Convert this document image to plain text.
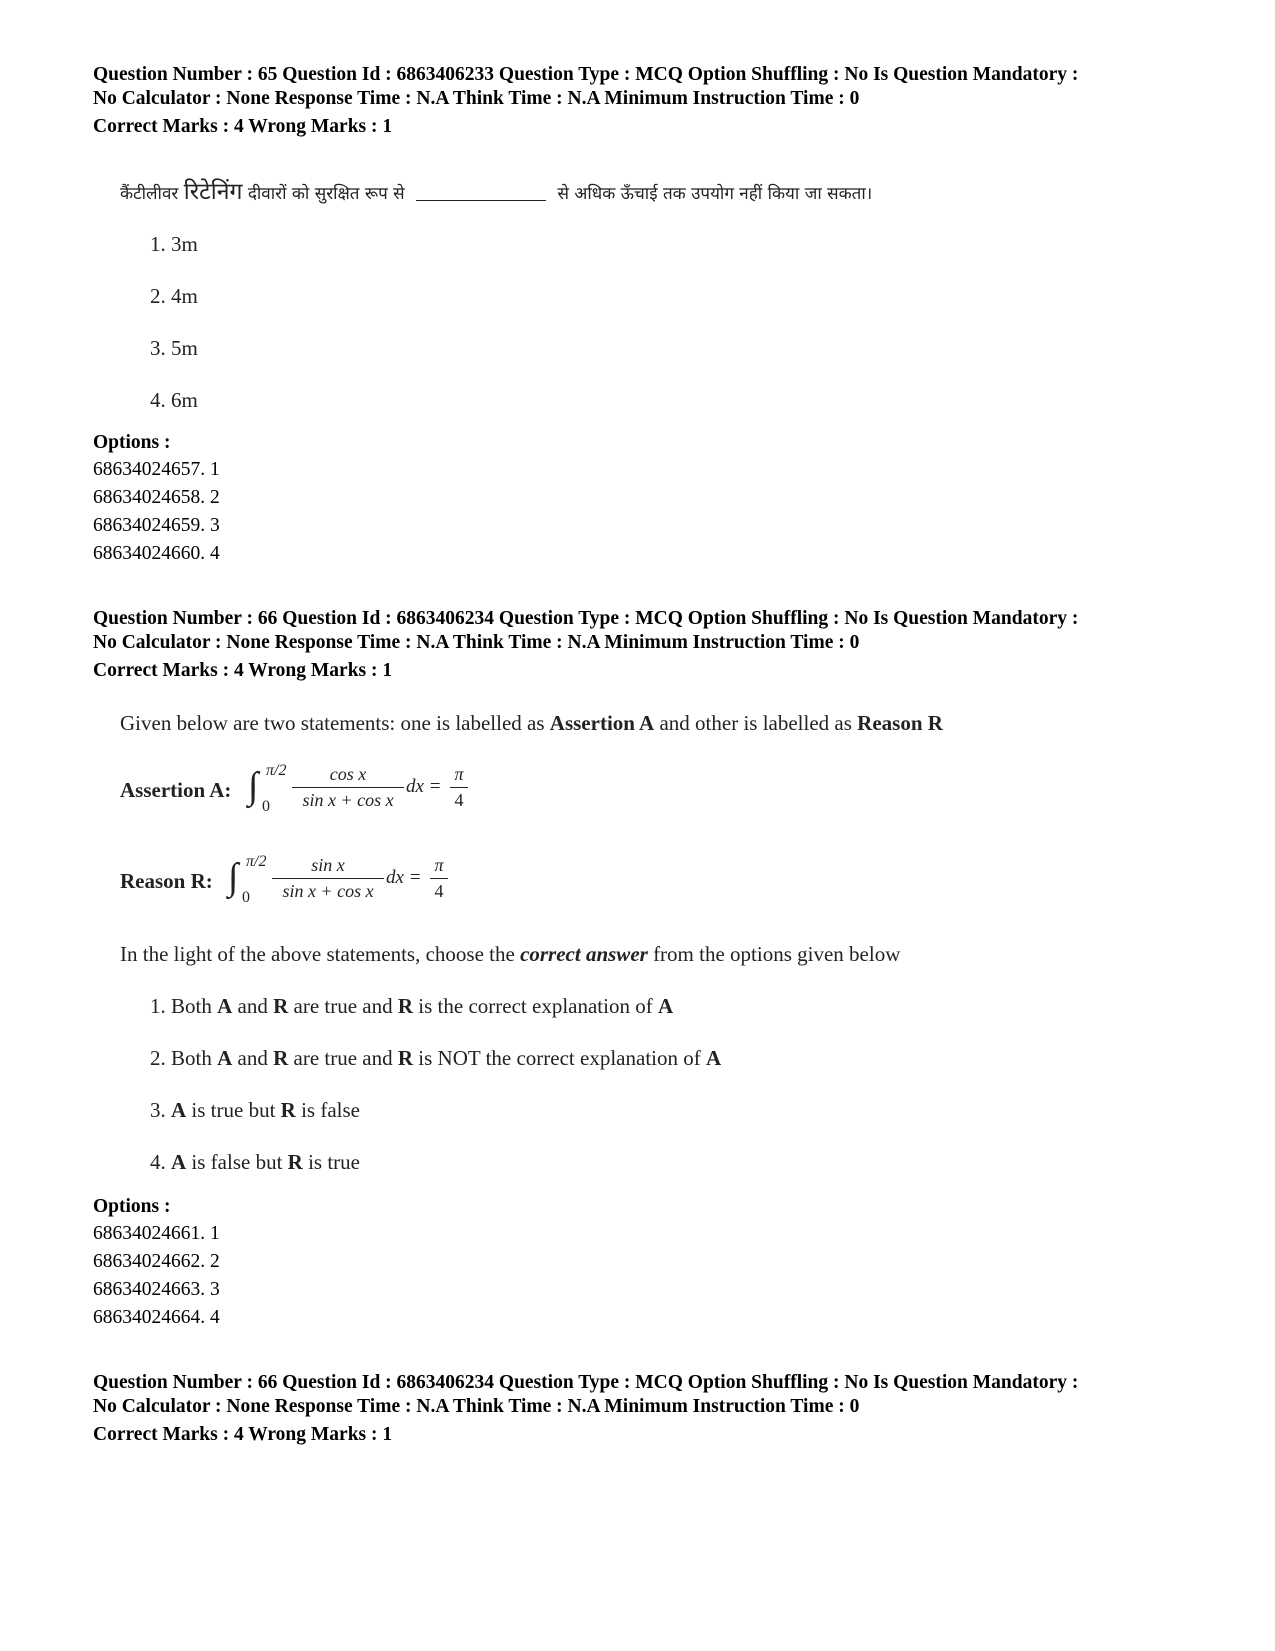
Question Number : 65 Question Id : 6863406233 Question Type : MCQ Option Shuffling : No Is Question Mandatory :
No Calculator : None Response Time : N.A Think Time : N.A Minimum Instruction Time : 0
Correct Marks : 4 Wrong Marks : 1
कैंटीलीवर रिटेनिंग दीवारों को सुरक्षित रूप से	से अधिक ऊँचाई तक उपयोग नहीं किया जा सकता।
1. 3m
2. 4m
3. 5m
4. 6m
Options :
68634024657. 1
68634024658. 2
68634024659. 3
68634024660. 4
Question Number : 66 Question Id : 6863406234 Question Type : MCQ Option Shuffling : No Is Question Mandatory :
No Calculator : None Response Time : N.A Think Time : N.A Minimum Instruction Time : 0
Correct Marks : 4 Wrong Marks : 1
Given below are two statements: one is labelled as Assertion A and other is labelled as Reason R
Assertion A: ∫ π/2
0
cos x
sin x + cos x
dx =
π
4
Reason R: ∫ π/2
0
sin x
sin x + cos x
dx =
π
4
In the light of the above statements, choose the correct answer from the options given below
1. Both A and R are true and R is the correct explanation of A
2. Both A and R are true and R is NOT the correct explanation of A
3. A is true but R is false
4. A is false but R is true
Options :
68634024661. 1
68634024662. 2
68634024663. 3
68634024664. 4
Question Number : 66 Question Id : 6863406234 Question Type : MCQ Option Shuffling : No Is Question Mandatory :
No Calculator : None Response Time : N.A Think Time : N.A Minimum Instruction Time : 0
Correct Marks : 4 Wrong Marks : 1
